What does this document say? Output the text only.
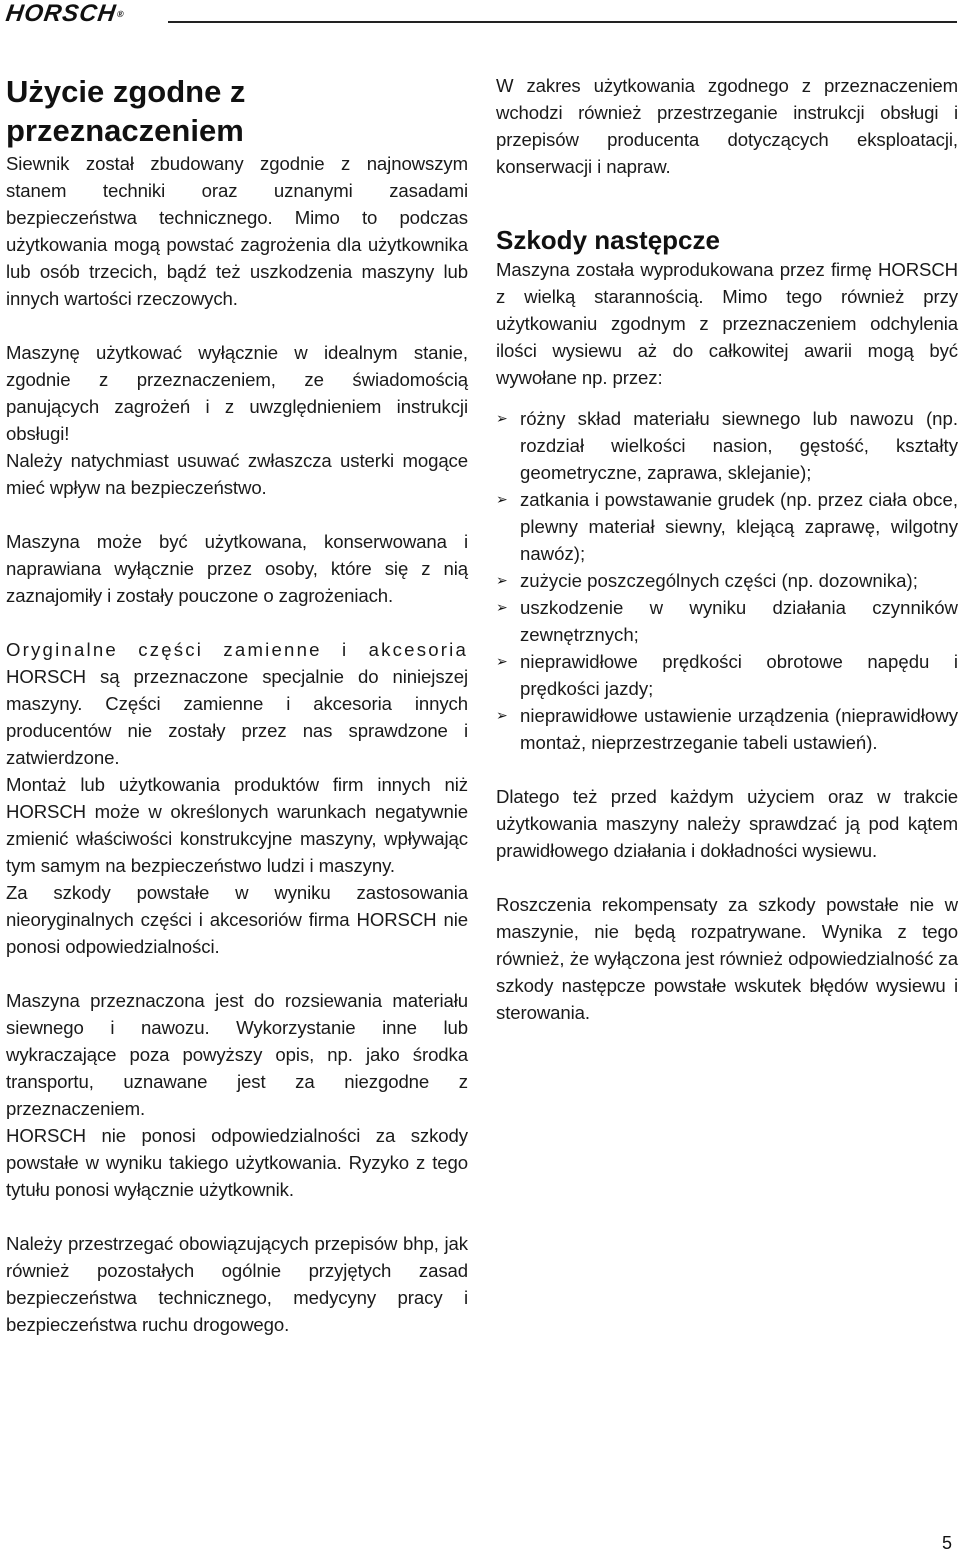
HORSCH®
Użycie zgodne z
przeznaczeniem

Siewnik został zbudowany zgodnie z najnowszym stanem techniki oraz uznanymi zasadami bezpieczeństwa technicznego. Mimo to podczas użytkowania mogą powstać zagrożenia dla użytkownika lub osób trzecich, bądź też uszkodzenia maszyny lub innych wartości rzeczowych.

Maszynę użytkować wyłącznie w idealnym stanie, zgodnie z przeznaczeniem, ze świadomością panujących zagrożeń i z uwzględnieniem instrukcji obsługi!

Należy natychmiast usuwać zwłaszcza usterki mogące mieć wpływ na bezpieczeństwo.

Maszyna może być użytkowana, konserwowana i naprawiana wyłącznie przez osoby, które się z nią zaznajomiły i zostały pouczone o zagrożeniach.

Oryginalne części zamienne i akcesoria HORSCH są przeznaczone specjalnie do niniejszej maszyny. Części zamienne i akcesoria innych producentów nie zostały przez nas sprawdzone i zatwierdzone.

Montaż lub użytkowania produktów firm innych niż HORSCH może w określonych warunkach negatywnie zmienić właściwości konstrukcyjne maszyny, wpływając tym samym na bezpieczeństwo ludzi i maszyny.

Za szkody powstałe w wyniku zastosowania nieoryginalnych części i akcesoriów firma HORSCH nie ponosi odpowiedzialności.

Maszyna przeznaczona jest do rozsiewania materiału siewnego i nawozu. Wykorzystanie inne lub wykraczające poza powyższy opis, np. jako środka transportu, uznawane jest za niezgodne z przeznaczeniem.

HORSCH nie ponosi odpowiedzialności za szkody powstałe w wyniku takiego użytkowania. Ryzyko z tego tytułu ponosi wyłącznie użytkownik.

Należy przestrzegać obowiązujących przepisów bhp, jak również pozostałych ogólnie przyjętych zasad bezpieczeństwa technicznego, medycyny pracy i bezpieczeństwa ruchu drogowego.

W zakres użytkowania zgodnego z przeznaczeniem wchodzi również przestrzeganie instrukcji obsługi i przepisów producenta dotyczących eksploatacji, konserwacji i napraw.

Szkody następcze

Maszyna została wyprodukowana przez firmę HORSCH z wielką starannością. Mimo tego również przy użytkowaniu zgodnym z przeznaczeniem odchylenia ilości wysiewu aż do całkowitej awarii mogą być wywołane np. przez:

➢ różny skład materiału siewnego lub nawozu (np. rozdział wielkości nasion, gęstość, kształty geometryczne, zaprawa, sklejanie);
➢ zatkania i powstawanie grudek (np. przez ciała obce, plewny materiał siewny, klejącą zaprawę, wilgotny nawóz);
➢ zużycie poszczególnych części (np. dozownika);
➢ uszkodzenie w wyniku działania czynników zewnętrznych;
➢ nieprawidłowe prędkości obrotowe napędu i prędkości jazdy;
➢ nieprawidłowe ustawienie urządzenia (nieprawidłowy montaż, nieprzestrzeganie tabeli ustawień).

Dlatego też przed każdym użyciem oraz w trakcie użytkowania maszyny należy sprawdzać ją pod kątem prawidłowego działania i dokładności wysiewu.

Roszczenia rekompensaty za szkody powstałe nie w maszynie, nie będą rozpatrywane. Wynika z tego również, że wyłączona jest również odpowiedzialność za szkody następcze powstałe wskutek błędów wysiewu i sterowania.

5
